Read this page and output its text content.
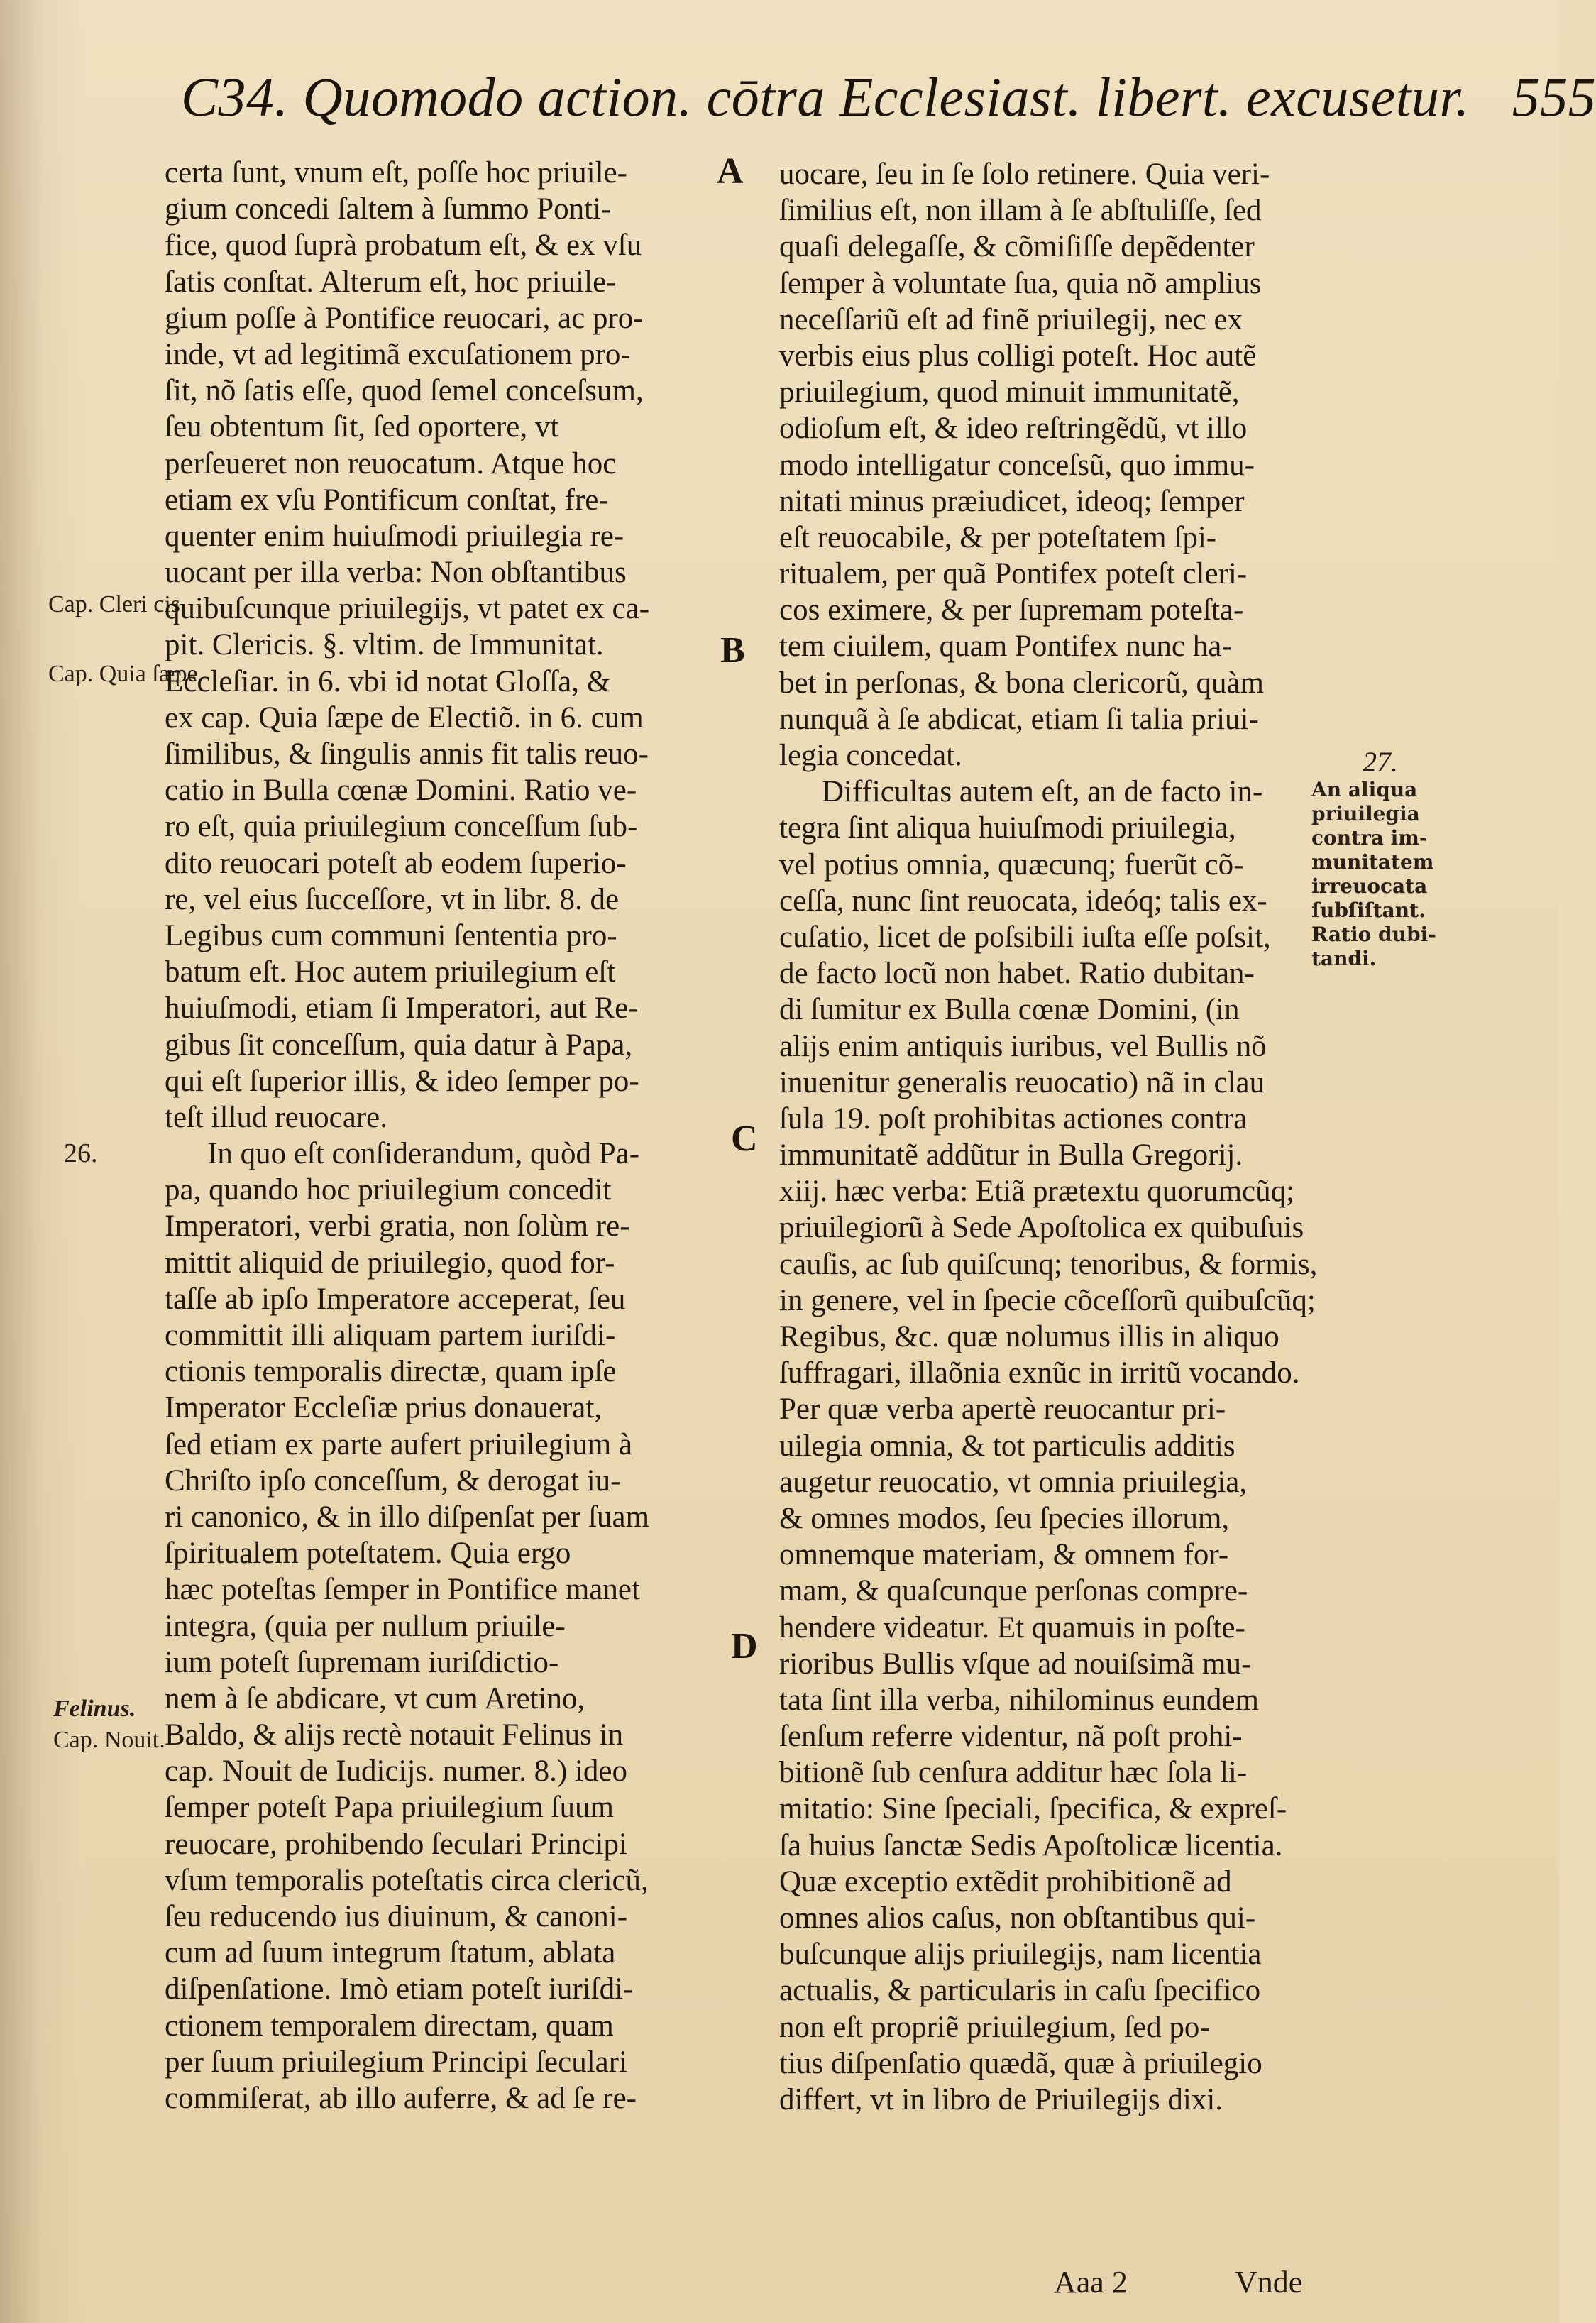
C34. Quomodo action. cōtra Ecclesiast. libert. excusetur. 555
Cap. Cleri cis.
Cap. Quia ſæpe.
26.
Felinus.
Cap. Nouit.
A
B
C
D
certa ſunt, vnum eſt, poſſe hoc priuile-
gium concedi ſaltem à ſummo Ponti-
fice, quod ſuprà probatum eſt, & ex vſu
ſatis conſtat. Alterum eſt, hoc priuile-
gium poſſe à Pontifice reuocari, ac pro-
inde, vt ad legitimã excuſationem pro-
ſit, nõ ſatis eſſe, quod ſemel conceſsum,
ſeu obtentum ſit, ſed oportere, vt
perſeueret non reuocatum. Atque hoc
etiam ex vſu Pontificum conſtat, fre-
quenter enim huiuſmodi priuilegia re-
uocant per illa verba: Non obſtantibus
quibuſcunque priuilegijs, vt patet ex ca-
pit. Clericis. §. vltim. de Immunitat.
Eccleſiar. in 6. vbi id notat Gloſſa, &
ex cap. Quia ſæpe de Electiõ. in 6. cum
ſimilibus, & ſingulis annis fit talis reuo-
catio in Bulla cœnæ Domini. Ratio ve-
ro eſt, quia priuilegium conceſſum ſub-
dito reuocari poteſt ab eodem ſuperio-
re, vel eius ſucceſſore, vt in libr. 8. de
Legibus cum communi ſententia pro-
batum eſt. Hoc autem priuilegium eſt
huiuſmodi, etiam ſi Imperatori, aut Re-
gibus ſit conceſſum, quia datur à Papa,
qui eſt ſuperior illis, & ideo ſemper po-
teſt illud reuocare.
In quo eſt conſiderandum, quòd Pa-
pa, quando hoc priuilegium concedit
Imperatori, verbi gratia, non ſolùm re-
mittit aliquid de priuilegio, quod for-
taſſe ab ipſo Imperatore acceperat, ſeu
committit illi aliquam partem iuriſdi-
ctionis temporalis directæ, quam ipſe
Imperator Eccleſiæ prius donauerat,
ſed etiam ex parte aufert priuilegium à
Chriſto ipſo conceſſum, & derogat iu-
ri canonico, & in illo diſpenſat per ſuam
ſpiritualem poteſtatem. Quia ergo
hæc poteſtas ſemper in Pontifice manet
integra, (quia per nullum priuile-
ium poteſt ſupremam iuriſdictio-
nem à ſe abdicare, vt cum Aretino,
Baldo, & alijs rectè notauit Felinus in
cap. Nouit de Iudicijs. numer. 8.) ideo
ſemper poteſt Papa priuilegium ſuum
reuocare, prohibendo ſeculari Principi
vſum temporalis poteſtatis circa clericũ,
ſeu reducendo ius diuinum, & canoni-
cum ad ſuum integrum ſtatum, ablata
diſpenſatione. Imò etiam poteſt iuriſdi-
ctionem temporalem directam, quam
per ſuum priuilegium Principi ſeculari
commiſerat, ab illo auferre, & ad ſe re-
uocare, ſeu in ſe ſolo retinere. Quia veri-
ſimilius eſt, non illam à ſe abſtuliſſe, ſed
quaſi delegaſſe, & cõmiſiſſe depẽdenter
ſemper à voluntate ſua, quia nõ amplius
neceſſariũ eſt ad finẽ priuilegij, nec ex
verbis eius plus colligi poteſt. Hoc autẽ
priuilegium, quod minuit immunitatẽ,
odioſum eſt, & ideo reſtringẽdũ, vt illo
modo intelligatur conceſsũ, quo immu-
nitati minus præiudicet, ideoq; ſemper
eſt reuocabile, & per poteſtatem ſpi-
ritualem, per quã Pontifex poteſt cleri-
cos eximere, & per ſupremam poteſta-
tem ciuilem, quam Pontifex nunc ha-
bet in perſonas, & bona clericorũ, quàm
nunquã à ſe abdicat, etiam ſi talia priui-
legia concedat.
Difficultas autem eſt, an de facto in-
tegra ſint aliqua huiuſmodi priuilegia,
vel potius omnia, quæcunq; fuerũt cõ-
ceſſa, nunc ſint reuocata, ideóq; talis ex-
cuſatio, licet de poſsibili iuſta eſſe poſsit,
de facto locũ non habet. Ratio dubitan-
di ſumitur ex Bulla cœnæ Domini, (in
alijs enim antiquis iuribus, vel Bullis nõ
inuenitur generalis reuocatio) nã in clau
ſula 19. poſt prohibitas actiones contra
immunitatẽ addũtur in Bulla Gregorij.
xiij. hæc verba: Etiã prætextu quorumcũq;
priuilegiorũ à Sede Apoſtolica ex quibuſuis
cauſis, ac ſub quiſcunq; tenoribus, & formis,
in genere, vel in ſpecie cõceſſorũ quibuſcũq;
Regibus, &c. quæ nolumus illis in aliquo
ſuffragari, illaõnia exnũc in irritũ vocando.
Per quæ verba apertè reuocantur pri-
uilegia omnia, & tot particulis additis
augetur reuocatio, vt omnia priuilegia,
& omnes modos, ſeu ſpecies illorum,
omnemque materiam, & omnem for-
mam, & quaſcunque perſonas compre-
hendere videatur. Et quamuis in poſte-
rioribus Bullis vſque ad nouiſsimã mu-
tata ſint illa verba, nihilominus eundem
ſenſum referre videntur, nã poſt prohi-
bitionẽ ſub cenſura additur hæc ſola li-
mitatio: Sine ſpeciali, ſpecifica, & expreſ-
ſa huius ſanctæ Sedis Apoſtolicæ licentia.
Quæ exceptio extẽdit prohibitionẽ ad
omnes alios caſus, non obſtantibus qui-
buſcunque alijs priuilegijs, nam licentia
actualis, & particularis in caſu ſpecifico
non eſt propriẽ priuilegium, ſed po-
tius diſpenſatio quædã, quæ à priuilegio
differt, vt in libro de Priuilegijs dixi.
27.
An aliqua
priuilegia
contra im-
munitatem
irreuocata
ſubſiſtant.
Ratio dubi-
tandi.
Aaa 2	Vnde
